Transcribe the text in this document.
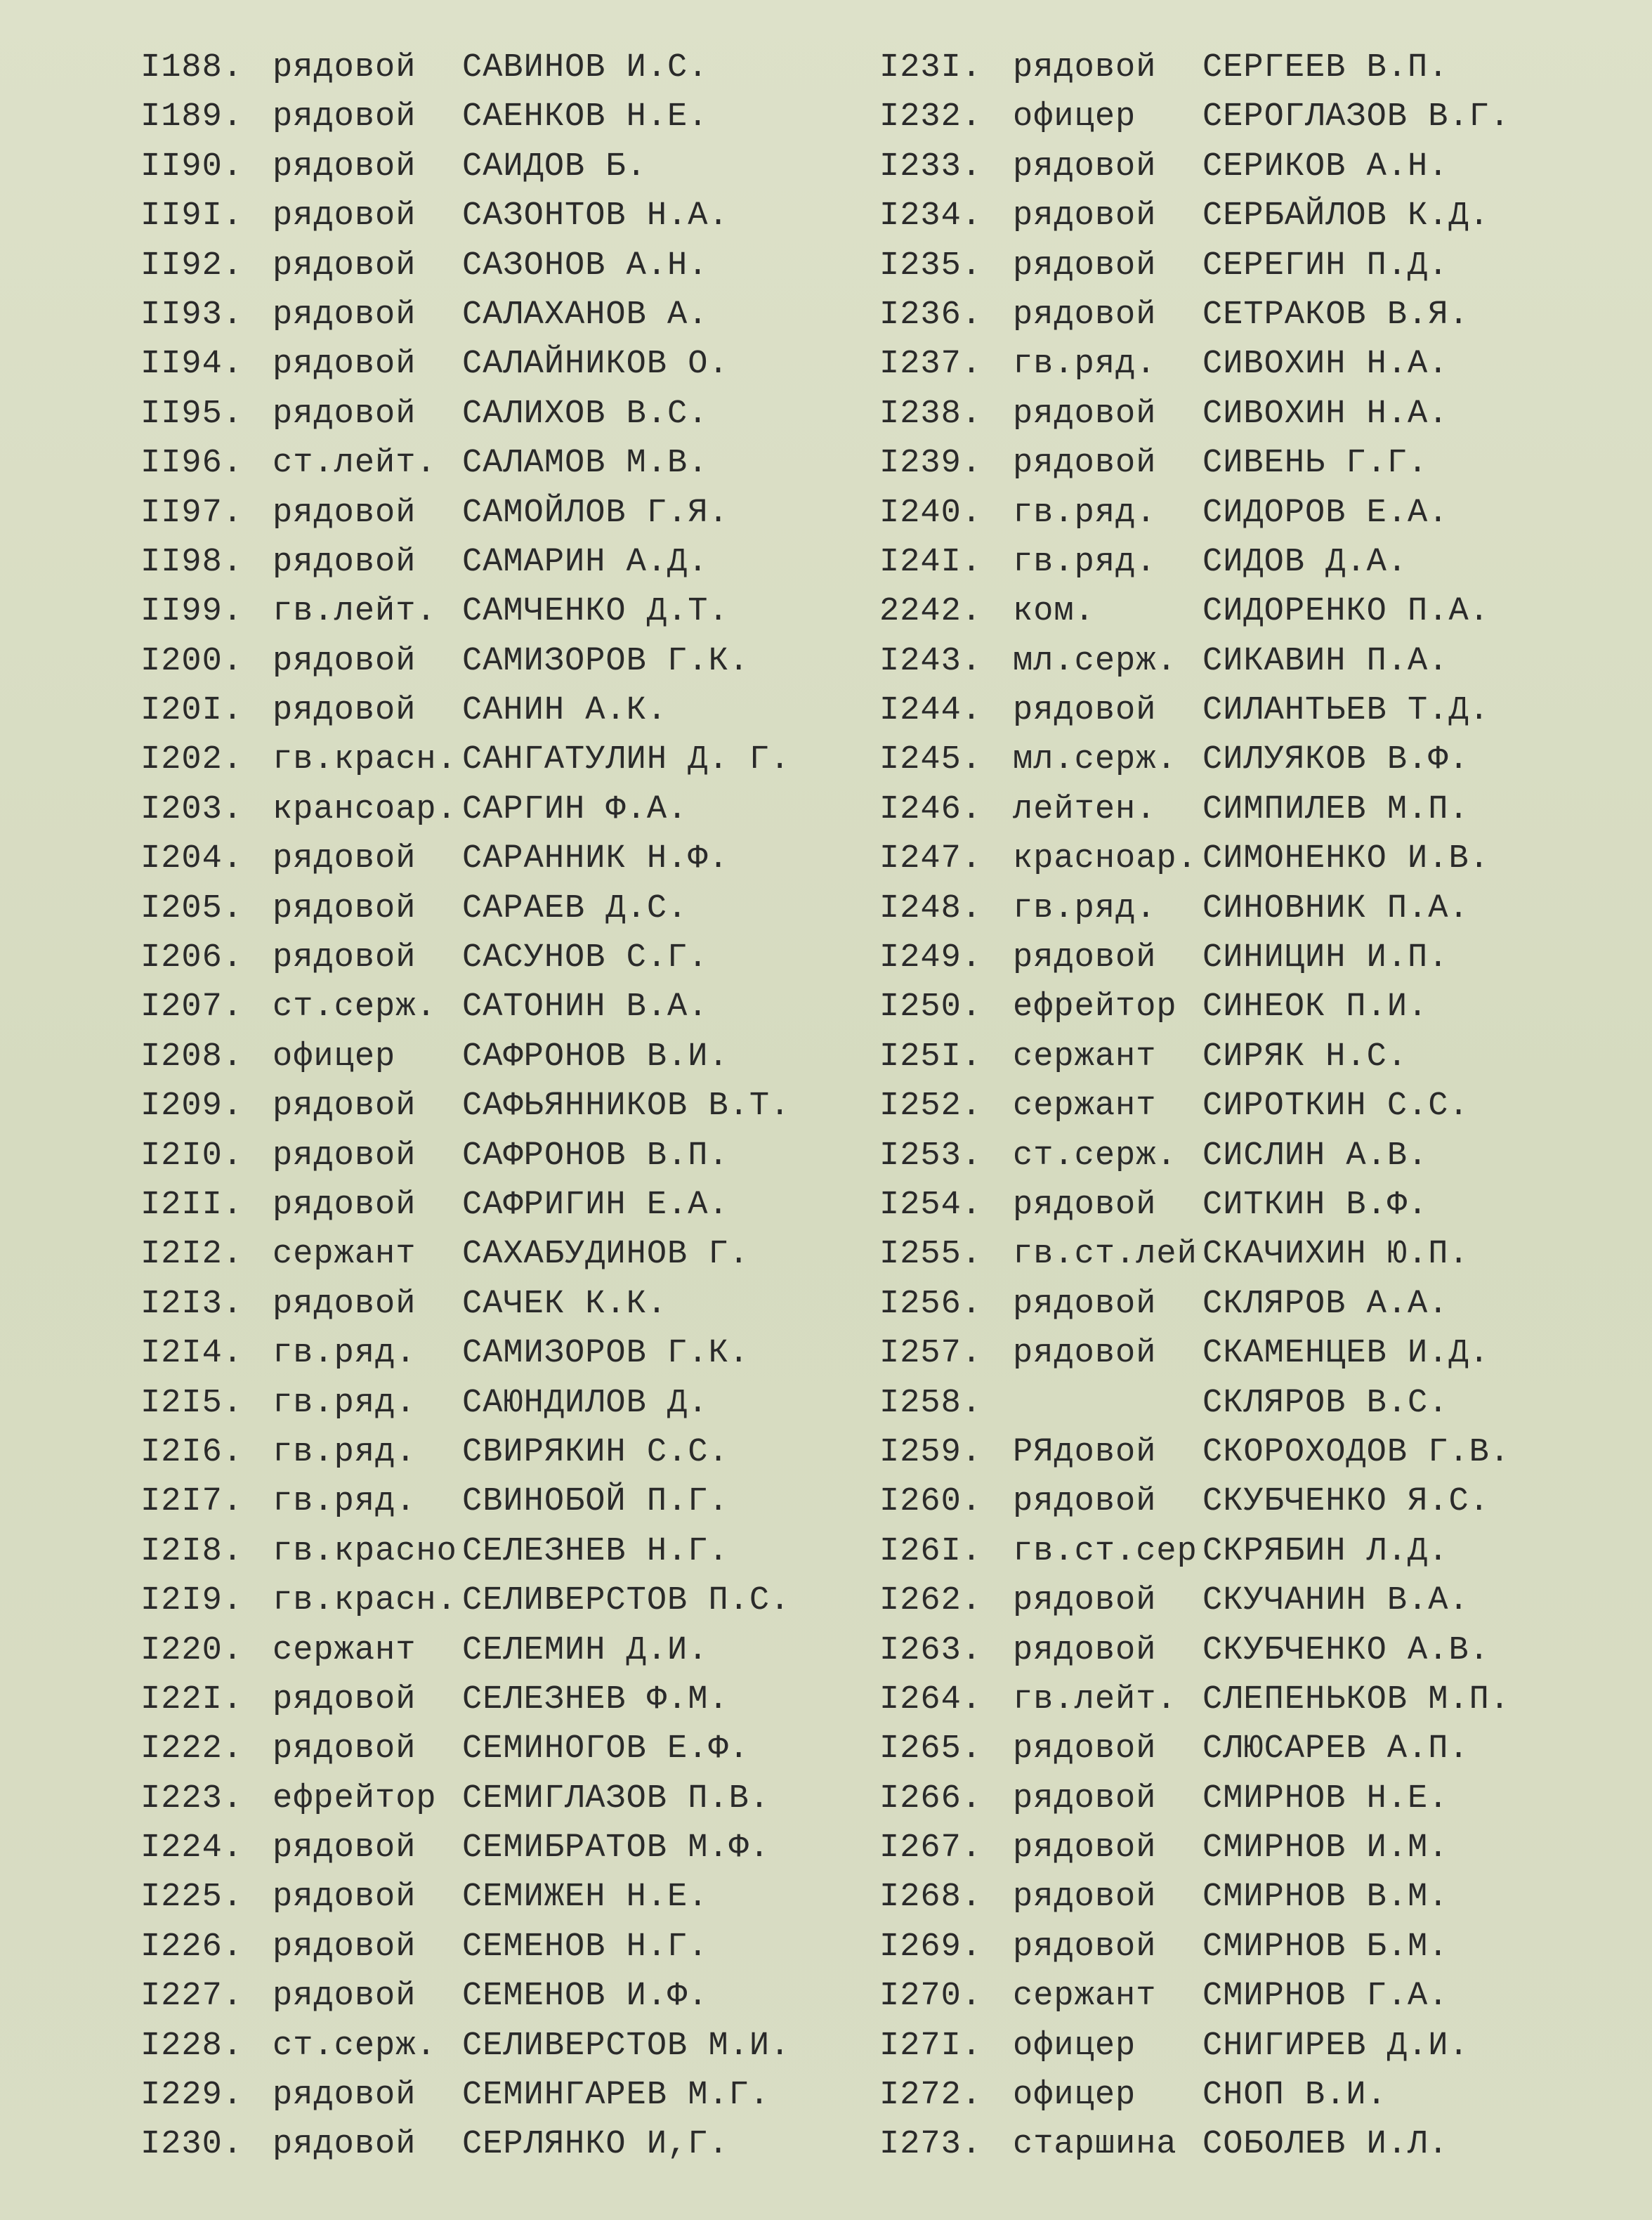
I188. рядовой САВИНОВ И.С.
I189. рядовой САЕНКОВ Н.Е.
II90. рядовой САИДОВ Б.
II9I. рядовой САЗОНТОВ Н.А.
II92. рядовой САЗОНОВ А.Н.
II93. рядовой САЛАХАНОВ А.
II94. рядовой САЛАЙНИКОВ О.
II95. рядовой САЛИХОВ В.С.
II96. ст.лейт. САЛАМОВ М.В.
II97. рядовой САМОЙЛОВ Г.Я.
II98. рядовой САМАРИН А.Д.
II99. гв.лейт. САМЧЕНКО Д.Т.
I200. рядовой САМИЗОРОВ Г.К.
I20I. рядовой САНИН А.К.
I202. гв.красн. САНГАТУЛИН Д. Г.
I203. крансоар. САРГИН Ф.А.
I204. рядовой САРАННИК Н.Ф.
I205. рядовой САРАЕВ Д.С.
I206. рядовой САСУНОВ С.Г.
I207. ст.серж. САТОНИН В.А.
I208. офицер САФРОНОВ В.И.
I209. рядовой САФЬЯННИКОВ В.Т.
I2I0. рядовой САФРОНОВ В.П.
I2II. рядовой САФРИГИН Е.А.
I2I2. сержант САХАБУДИНОВ Г.
I2I3. рядовой САЧЕК К.К.
I2I4. гв.ряд. САМИЗОРОВ Г.К.
I2I5. гв.ряд. САЮНДИЛОВ Д.
I2I6. гв.ряд. СВИРЯКИН С.С.
I2I7. гв.ряд. СВИНОБОЙ П.Г.
I2I8. гв.красно СЕЛЕЗНЕВ Н.Г.
I2I9. гв.красн. СЕЛИВЕРСТОВ П.С.
I220. сержант СЕЛЕМИН Д.И.
I22I. рядовой СЕЛЕЗНЕВ Ф.М.
I222. рядовой СЕМИНОГОВ Е.Ф.
I223. ефрейтор СЕМИГЛАЗОВ П.В.
I224. рядовой СЕМИБРАТОВ М.Ф.
I225. рядовой СЕМИЖЕН Н.Е.
I226. рядовой СЕМЕНОВ Н.Г.
I227. рядовой СЕМЕНОВ И.Ф.
I228. ст.серж. СЕЛИВЕРСТОВ М.И.
I229. рядовой СЕМИНГАРЕВ М.Г.
I230. рядовой СЕРЛЯНКО И,Г.
I23I. рядовой СЕРГЕЕВ В.П.
I232. офицер СЕРОГЛАЗОВ В.Г.
I233. рядовой СЕРИКОВ А.Н.
I234. рядовой СЕРБАЙЛОВ К.Д.
I235. рядовой СЕРЕГИН П.Д.
I236. рядовой СЕТРАКОВ В.Я.
I237. гв.ряд. СИВОХИН Н.А.
I238. рядовой СИВОХИН Н.А.
I239. рядовой СИВЕНЬ Г.Г.
I240. гв.ряд. СИДОРОВ Е.А.
I24I. гв.ряд. СИДОВ Д.А.
2242. ком.	СИДОРЕНКО П.А.
I243. мл.серж. СИКАВИН П.А.
I244. рядовой СИЛАНТЬЕВ Т.Д.
I245. мл.серж. СИЛУЯКОВ В.Ф.
I246. лейтен. СИМПИЛЕВ М.П.
I247. красноар. СИМОНЕНКО И.В.
I248. гв.ряд. СИНОВНИК П.А.
I249. рядовой СИНИЦИН И.П.
I250. ефрейтор СИНЕОК П.И.
I25I. сержант СИРЯК Н.С.
I252. сержант СИРОТКИН С.С.
I253. ст.серж. СИСЛИН А.В.
I254. рядовой СИТКИН В.Ф.
I255. гв.ст.лей СКАЧИХИН Ю.П.
I256. рядовой СКЛЯРОВ А.А.
I257. рядовой СКАМЕНЦЕВ И.Д.
I258.	СКЛЯРОВ В.С.
I259. РЯдовой СКОРОХОДОВ Г.В.
I260. рядовой СКУБЧЕНКО Я.С.
I26I. гв.ст.сер СКРЯБИН Л.Д.
I262. рядовой СКУЧАНИН В.А.
I263. рядовой СКУБЧЕНКО А.В.
I264. гв.лейт. СЛЕПЕНЬКОВ М.П.
I265. рядовой СЛЮСАРЕВ А.П.
I266. рядовой СМИРНОВ Н.Е.
I267. рядовой СМИРНОВ И.М.
I268. рядовой СМИРНОВ В.М.
I269. рядовой СМИРНОВ Б.М.
I270. сержант СМИРНОВ Г.А.
I27I. офицер СНИГИРЕВ Д.И.
I272. офицер СНОП В.И.
I273. старшина СОБОЛЕВ И.Л.
